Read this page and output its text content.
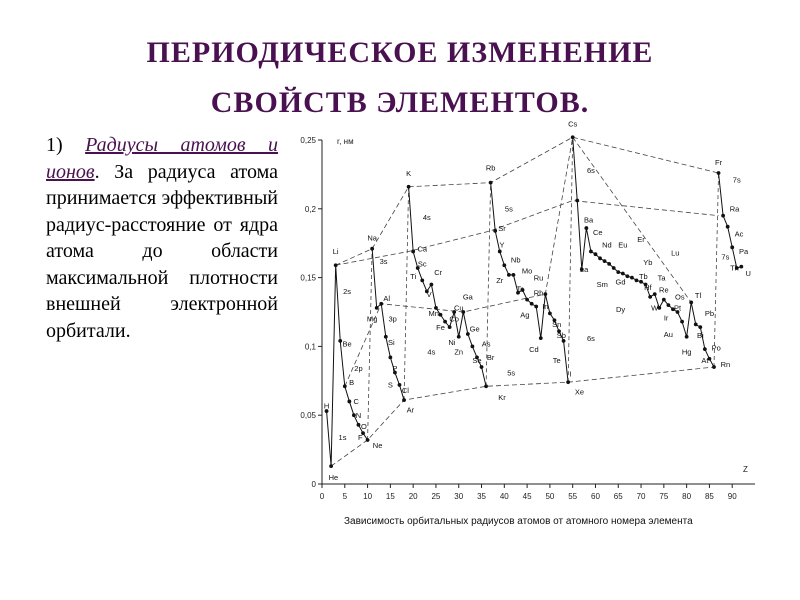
ПЕРИОДИЧЕСКОЕ ИЗМЕНЕНИЕ
СВОЙСТВ ЭЛЕМЕНТОВ.
1) Радиусы атомов и ионов. За радиуса атома принимается эффективный радиус-расстояние от ядра атома до области максимальной плотности внешней электронной орбитали.
0 5 10 15 20 25 30 35 40 45 50 55 60 65 70 75 80 85 90
0
0,05
0,1
0,15
0,2
0,25
H
He
Li
Be
B
C
N
O
F
Ne
Na
Mg
Al
Si
P
S
Cl
Ar
K
Ca
Sc
Ti Cr
V
Mn
Fe
Co
Ni
Cu
Zn
Ga
Ge
As
Se Br
Kr
Rb
Sr
Y
Nb
Zr
Mo
Ru
Tc Rh
Ag
In
Sn
Cd
Sb
Te
I
Xe
Cs
Ba
Ce
La
Nd
Sm
Eu
Er
Gd
Yb
Lu
Dy
Tb
Hf
Ta
Re
Os
W Pt
Ir
Tl
Pb
Au	Bi
Hg	Po
At Rn
Fr
Ra
Ac
Pa
Th
U
1s
2s
2p
3s
3p
4s
4s
5s
5s
6s
6s
7s
7s
r, нм
Z
Зависимость орбитальных радиусов атомов от атомного номера элемента
